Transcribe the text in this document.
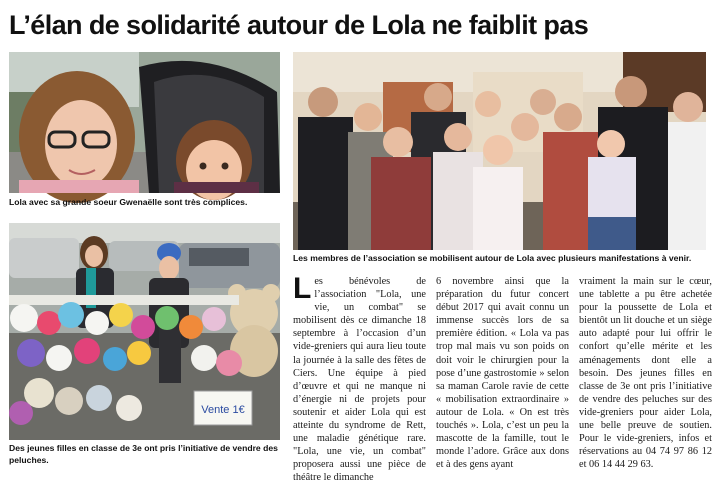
L’élan de solidarité autour de Lola ne faiblit pas
Lola avec sa grande soeur Gwenaëlle sont très complices.
Vente 1€
Des jeunes filles en classe de 3e ont pris l’initiative de vendre des peluches.
Les membres de l’association se mobilisent autour de Lola avec plusieurs manifestations à venir.
Les bénévoles de l’association "Lola, une vie, un combat" se mobilisent dès ce dimanche 18 septembre à l’occasion d’un vide-greniers qui aura lieu toute la journée à la salle des fêtes de Ciers. Une équipe à pied d’œuvre et qui ne manque ni d’énergie ni de projets pour soutenir et aider Lola qui est atteinte du syndrome de Rett, une maladie génétique rare. "Lola, une vie, un combat" proposera aussi une pièce de théâtre le dimanche
6 novembre ainsi que la préparation du futur concert début 2017 qui avait connu un immense succès lors de sa première édition. « Lola va pas trop mal mais vu son poids on doit voir le chirurgien pour la pose d’une gastrostomie » selon sa maman Carole ravie de cette « mobilisation extraordinaire » autour de Lola. « On est très touchés ». Lola, c’est un peu la mascotte de la famille, tout le monde l’adore. Grâce aux dons et à des gens ayant
vraiment la main sur le cœur, une tablette a pu être achetée pour la poussette de Lola et bientôt un lit douche et un siège auto adapté pour lui offrir le confort qu’elle mérite et les aménagements dont elle a besoin. Des jeunes filles en classe de 3e ont pris l’initiative de vendre des peluches sur des vide-greniers pour aider Lola, une belle preuve de soutien. Pour le vide-greniers, infos et réservations au 04 74 97 86 12 et 06 14 44 29 63.
